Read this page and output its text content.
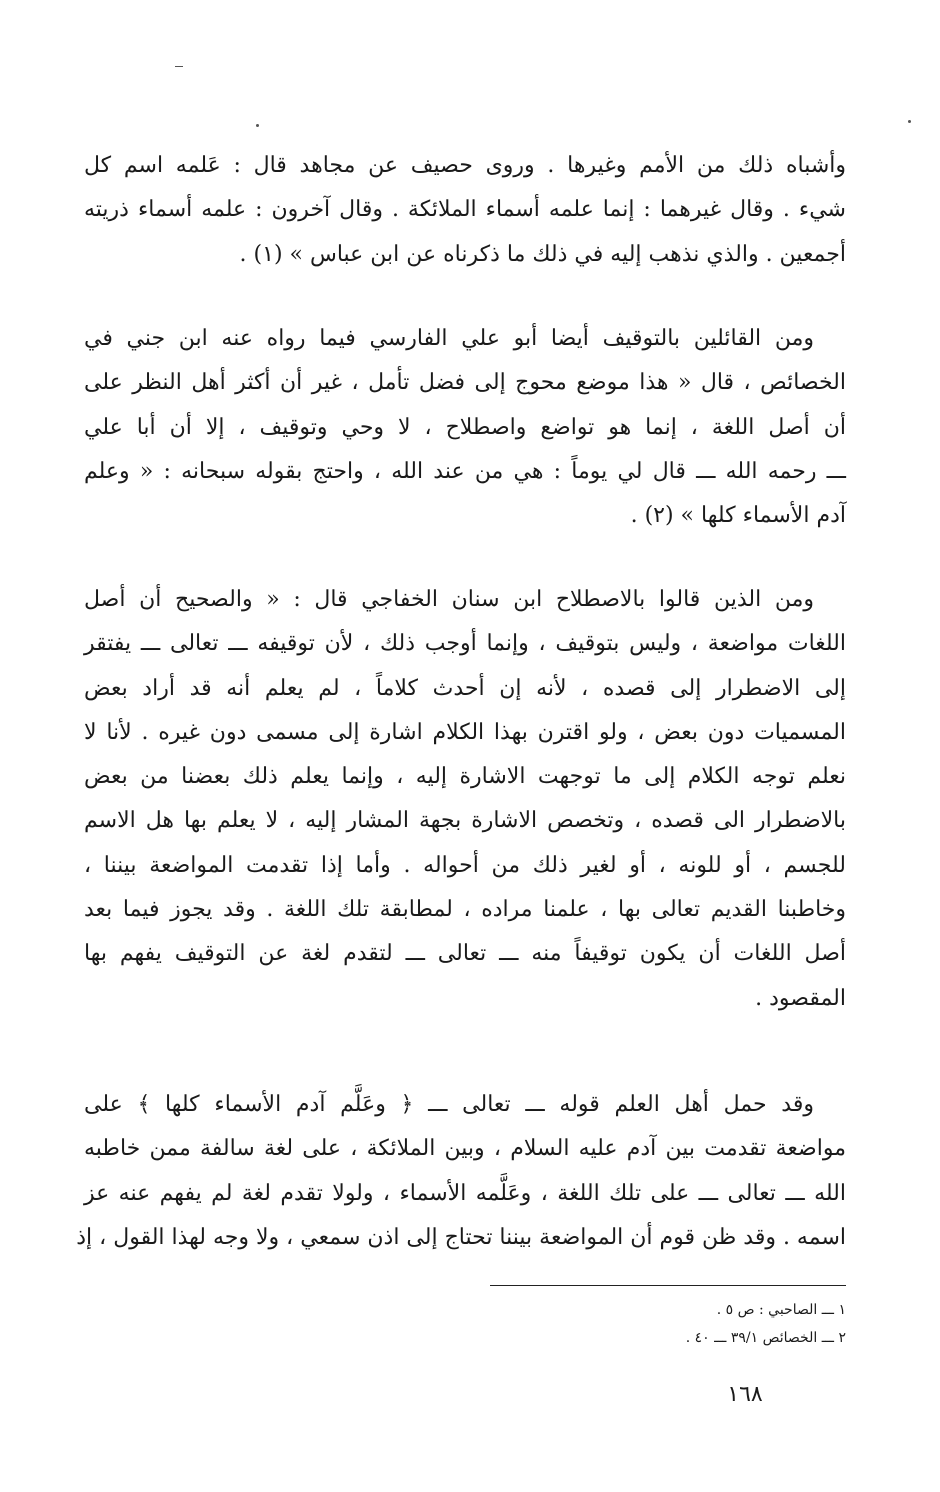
وأشباه ذلك من الأمم وغيرها . وروى حصيف عن مجاهد قال : عَلمه اسم كل
شيء . وقال غيرهما : إنما علمه أسماء الملائكة . وقال آخرون : علمه أسماء ذريته
أجمعين . والذي نذهب إليه في ذلك ما ذكرناه عن ابن عباس » (١) .
ومن القائلين بالتوقيف أيضا أبو علي الفارسي فيما رواه عنه ابن جني في
الخصائص ، قال « هذا موضع محوج إلى فضل تأمل ، غير أن أكثر أهل النظر على
أن أصل اللغة ، إنما هو تواضع واصطلاح ، لا وحي وتوقيف ، إلا أن أبا علي
ـــ رحمه الله ـــ قال لي يوماً : هي من عند الله ، واحتج بقوله سبحانه : « وعلم
آدم الأسماء كلها » (٢) .
ومن الذين قالوا بالاصطلاح ابن سنان الخفاجي قال : « والصحيح أن أصل
اللغات مواضعة ، وليس بتوقيف ، وإنما أوجب ذلك ، لأن توقيفه ـــ تعالى ـــ يفتقر
إلى الاضطرار إلى قصده ، لأنه إن أحدث كلاماً ، لم يعلم أنه قد أراد بعض
المسميات دون بعض ، ولو اقترن بهذا الكلام اشارة إلى مسمى دون غيره . لأنا لا
نعلم توجه الكلام إلى ما توجهت الاشارة إليه ، وإنما يعلم ذلك بعضنا من بعض
بالاضطرار الى قصده ، وتخصص الاشارة بجهة المشار إليه ، لا يعلم بها هل الاسم
للجسم ، أو للونه ، أو لغير ذلك من أحواله . وأما إذا تقدمت المواضعة بيننا ،
وخاطبنا القديم تعالى بها ، علمنا مراده ، لمطابقة تلك اللغة . وقد يجوز فيما بعد
أصل اللغات أن يكون توقيفاً منه ـــ تعالى ـــ لتقدم لغة عن التوقيف يفهم بها
المقصود .
وقد حمل أهل العلم قوله ـــ تعالى ـــ ﴿ وعَلَّم آدم الأسماء كلها ﴾ على
مواضعة تقدمت بين آدم عليه السلام ، وبين الملائكة ، على لغة سالفة ممن خاطبه
الله ـــ تعالى ـــ على تلك اللغة ، وعَلَّمه الأسماء ، ولولا تقدم لغة لم يفهم عنه عز
اسمه . وقد ظن قوم أن المواضعة بيننا تحتاج إلى اذن سمعي ، ولا وجه لهذا القول ، إذ
١ ـــ الصاحبي : ص ٥ .
٢ ـــ الخصائص ٣٩/١ ـــ ٤٠ .
١٦٨
